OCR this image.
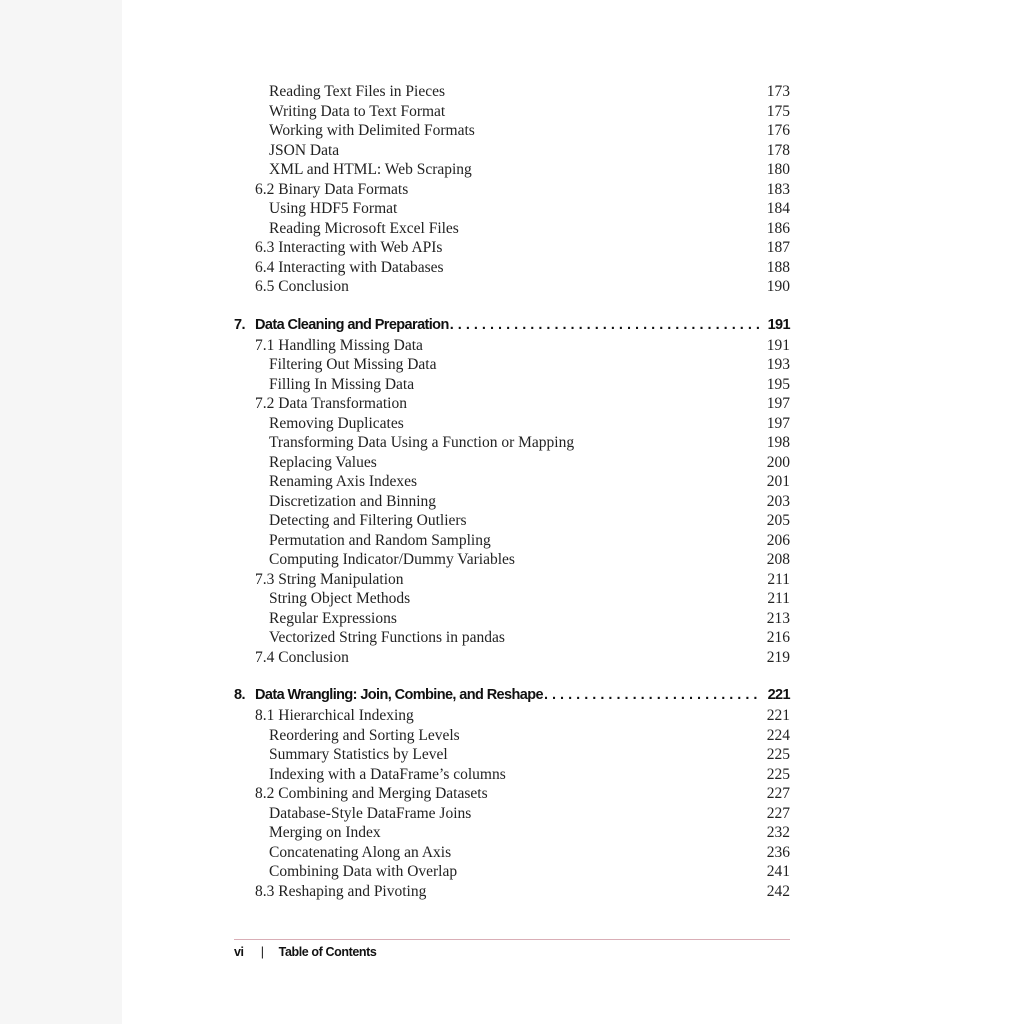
Reading Text Files in Pieces	173
Writing Data to Text Format	175
Working with Delimited Formats	176
JSON Data	178
XML and HTML: Web Scraping	180
6.2 Binary Data Formats	183
Using HDF5 Format	184
Reading Microsoft Excel Files	186
6.3 Interacting with Web APIs	187
6.4 Interacting with Databases	188
6.5 Conclusion	190
7. Data Cleaning and Preparation . . .	191
7.1 Handling Missing Data	191
Filtering Out Missing Data	193
Filling In Missing Data	195
7.2 Data Transformation	197
Removing Duplicates	197
Transforming Data Using a Function or Mapping	198
Replacing Values	200
Renaming Axis Indexes	201
Discretization and Binning	203
Detecting and Filtering Outliers	205
Permutation and Random Sampling	206
Computing Indicator/Dummy Variables	208
7.3 String Manipulation	211
String Object Methods	211
Regular Expressions	213
Vectorized String Functions in pandas	216
7.4 Conclusion	219
8. Data Wrangling: Join, Combine, and Reshape . . .	221
8.1 Hierarchical Indexing	221
Reordering and Sorting Levels	224
Summary Statistics by Level	225
Indexing with a DataFrame’s columns	225
8.2 Combining and Merging Datasets	227
Database-Style DataFrame Joins	227
Merging on Index	232
Concatenating Along an Axis	236
Combining Data with Overlap	241
8.3 Reshaping and Pivoting	242
vi | Table of Contents
